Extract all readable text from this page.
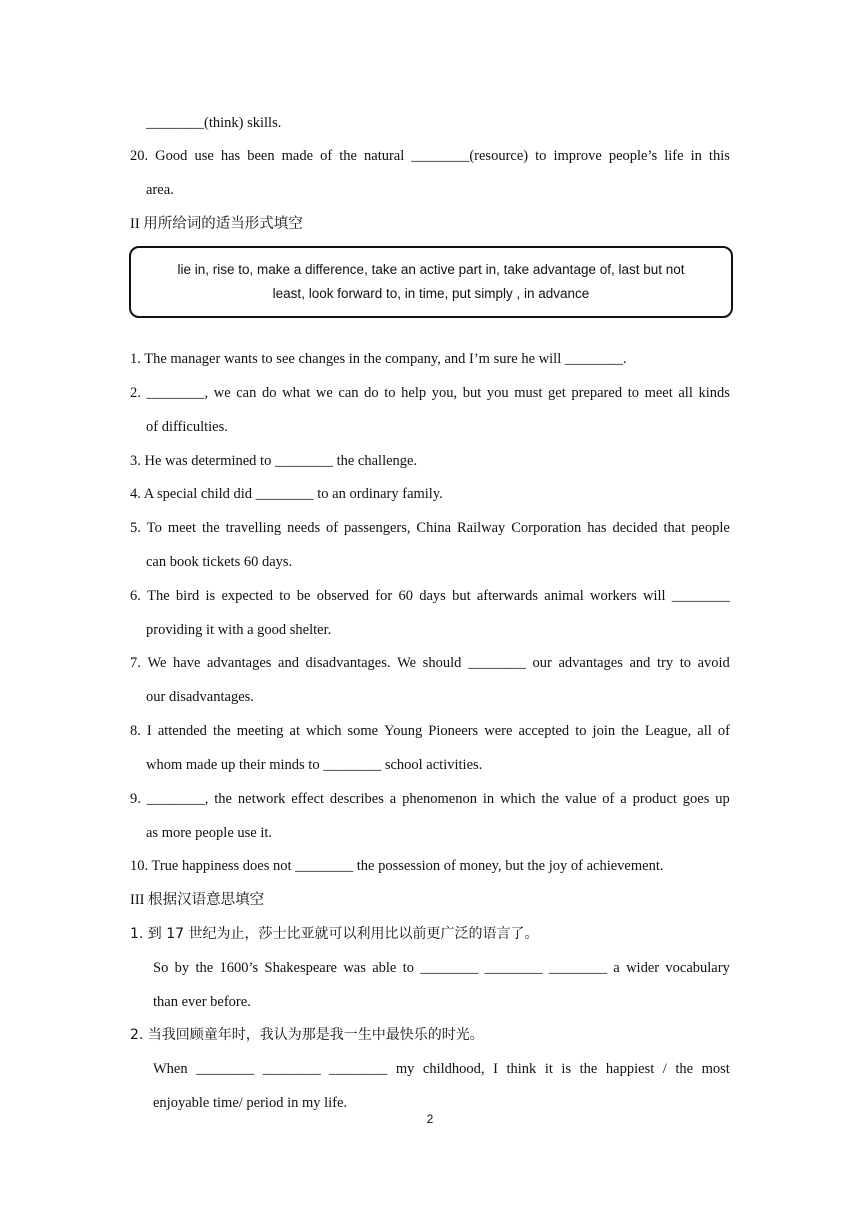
________(think) skills.
20. Good use has been made of the natural ________(resource) to improve people’s life in this
area.
II 用所给词的适当形式填空
lie in, rise to, make a difference, take an active part in, take advantage of, last but not
least, look forward to, in time, put simply , in advance
1. The manager wants to see changes in the company, and I’m sure he will ________.
2. ________, we can do what we can do to help you, but you must get prepared to meet all kinds
of difficulties.
3. He was determined to ________ the challenge.
4. A special child did ________ to an ordinary family.
5. To meet the travelling needs of passengers, China Railway Corporation has decided that people
can book tickets 60 days.
6. The bird is expected to be observed for 60 days but afterwards animal workers will ________
providing it with a good shelter.
7. We have advantages and disadvantages. We should ________ our advantages and try to avoid
our disadvantages.
8. I attended the meeting at which some Young Pioneers were accepted to join the League, all of
whom made up their minds to ________ school activities.
9. ________, the network effect describes a phenomenon in which the value of a product goes up
as more people use it.
10. True happiness does not ________ the possession of money, but the joy of achievement.
III 根据汉语意思填空
1. 到 17 世纪为止，莎士比亚就可以利用比以前更广泛的语言了。
So by the 1600’s Shakespeare was able to ________ ________ ________ a wider vocabulary
than ever before.
2. 当我回顾童年时，我认为那是我一生中最快乐的时光。
When ________ ________ ________ my childhood, I think it is the happiest / the most
enjoyable time/ period in my life.
2
